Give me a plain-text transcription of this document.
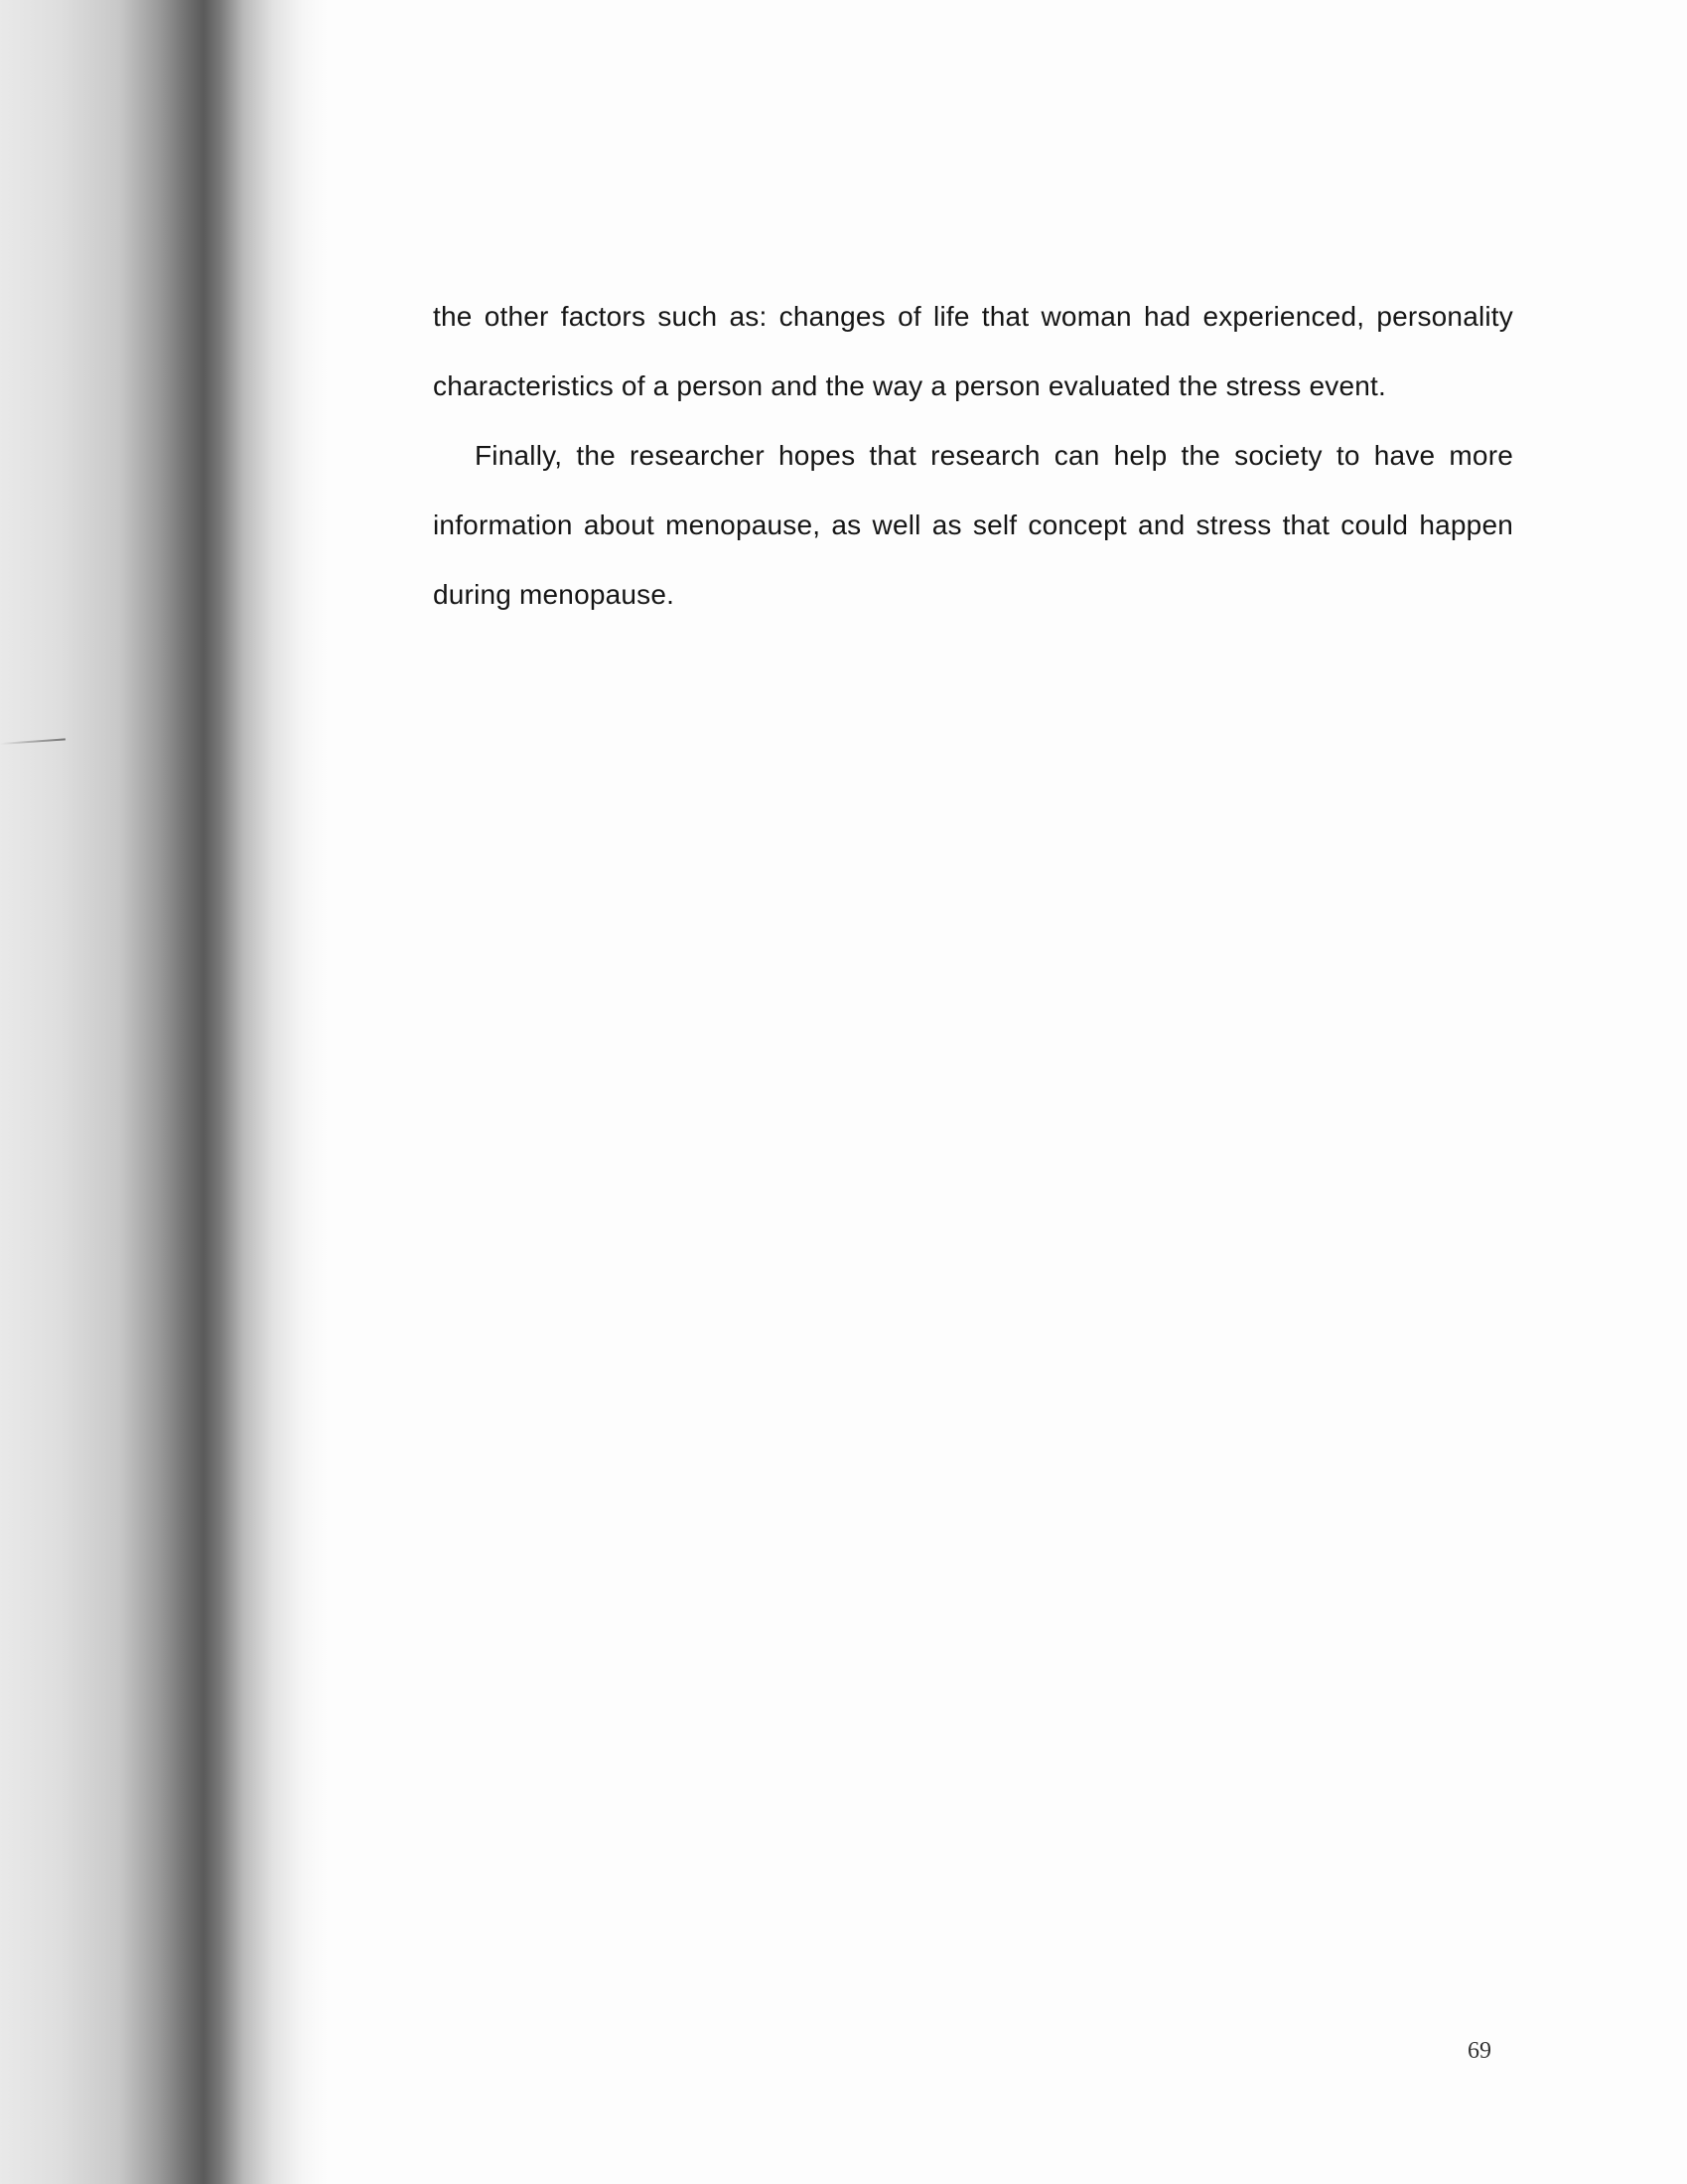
the other factors such as: changes of life that woman had experienced, personality characteristics of a person and the way a person evaluated the stress event.

Finally, the researcher hopes that research can help the society to have more information about menopause, as well as self concept and stress that could happen during menopause.

69
